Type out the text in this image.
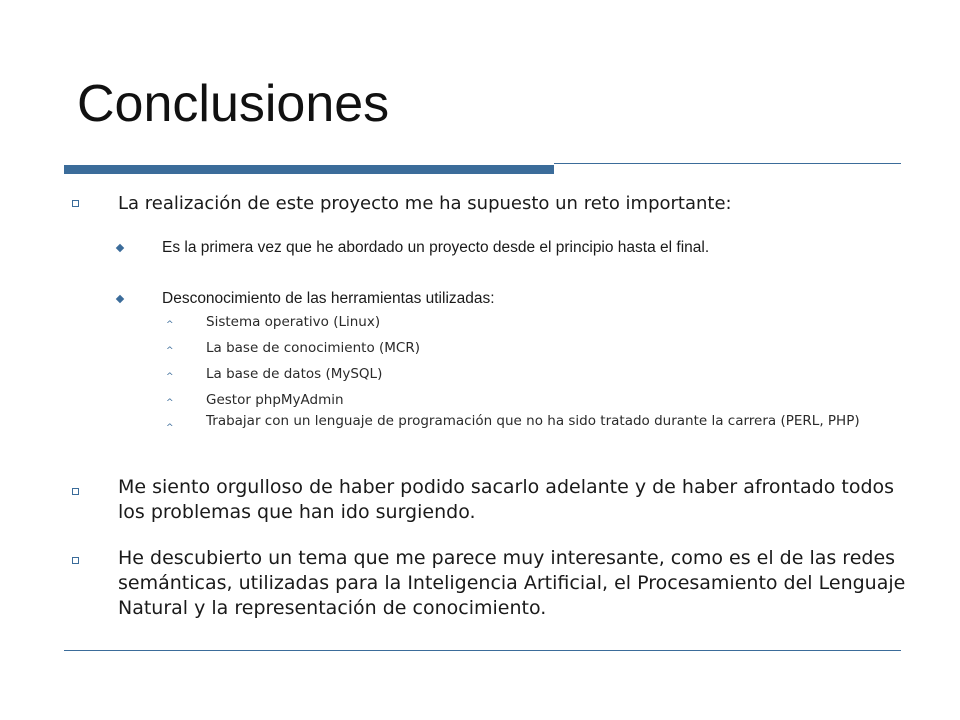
Conclusiones
La realización de este proyecto me ha supuesto un reto importante:
Es la primera vez que he abordado un proyecto desde el principio hasta el final.
Desconocimiento de las herramientas utilizadas:
^ Sistema operativo (Linux)
^ La base de conocimiento (MCR)
^ La base de datos (MySQL)
^ Gestor phpMyAdmin
^ Trabajar con un lenguaje de programación que no ha sido tratado durante la carrera (PERL, PHP)
Me siento orgulloso de haber podido sacarlo adelante y de haber afrontado todos los problemas que han ido surgiendo.
He descubierto un tema que me parece muy interesante, como es el de las redes semánticas, utilizadas para la Inteligencia Artificial, el Procesamiento del Lenguaje Natural y la representación de conocimiento.
